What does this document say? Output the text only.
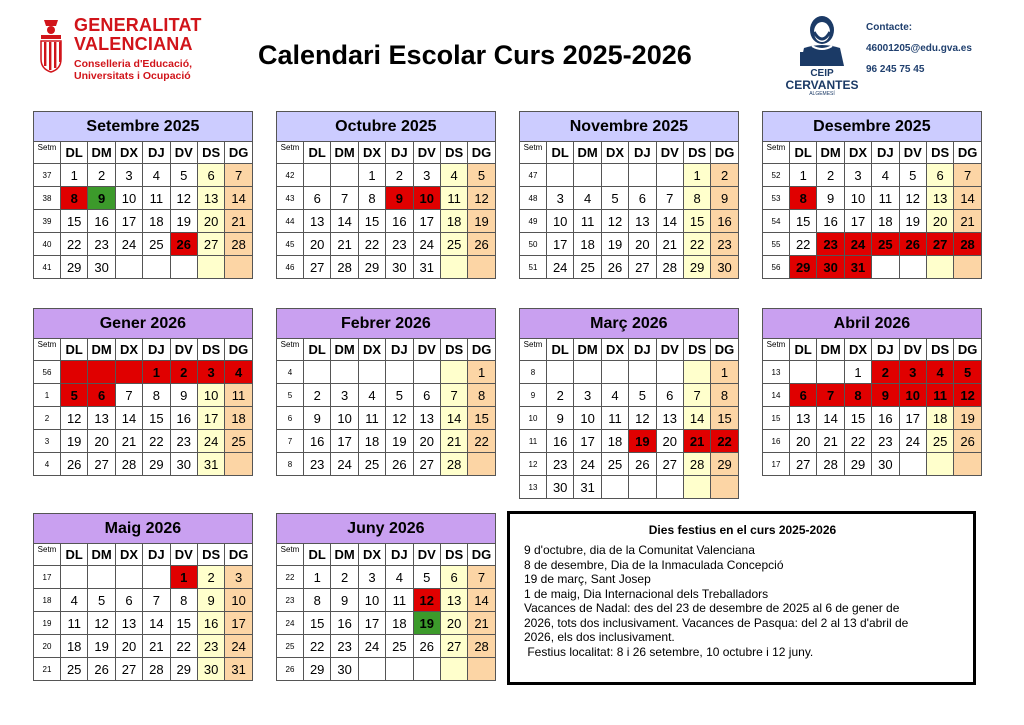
GENERALITAT
VALENCIANA
Conselleria d'Educació,
Universitats i Ocupació
Calendari Escolar Curs 2025-2026
CEIP
CERVANTES
ALGEMESÍ
Contacte:
46001205@edu.gva.es
96 245 75 45
Setembre 2025							
Setm	DL	DM	DX	DJ	DV	DS	DG
37	1	2	3	4	5	6	7
38	8	9	10	11	12	13	14
39	15	16	17	18	19	20	21
40	22	23	24	25	26	27	28
41	29	30					
Octubre 2025							
Setm	DL	DM	DX	DJ	DV	DS	DG
42			1	2	3	4	5
43	6	7	8	9	10	11	12
44	13	14	15	16	17	18	19
45	20	21	22	23	24	25	26
46	27	28	29	30	31		
Novembre 2025							
Setm	DL	DM	DX	DJ	DV	DS	DG
47						1	2
48	3	4	5	6	7	8	9
49	10	11	12	13	14	15	16
50	17	18	19	20	21	22	23
51	24	25	26	27	28	29	30
Desembre 2025							
Setm	DL	DM	DX	DJ	DV	DS	DG
52	1	2	3	4	5	6	7
53	8	9	10	11	12	13	14
54	15	16	17	18	19	20	21
55	22	23	24	25	26	27	28
56	29	30	31				
Gener 2026							
Setm	DL	DM	DX	DJ	DV	DS	DG
56				1	2	3	4
1	5	6	7	8	9	10	11
2	12	13	14	15	16	17	18
3	19	20	21	22	23	24	25
4	26	27	28	29	30	31	
Febrer 2026							
Setm	DL	DM	DX	DJ	DV	DS	DG
4							1
5	2	3	4	5	6	7	8
6	9	10	11	12	13	14	15
7	16	17	18	19	20	21	22
8	23	24	25	26	27	28	
Març 2026							
Setm	DL	DM	DX	DJ	DV	DS	DG
8							1
9	2	3	4	5	6	7	8
10	9	10	11	12	13	14	15
11	16	17	18	19	20	21	22
12	23	24	25	26	27	28	29
13	30	31					
Abril 2026							
Setm	DL	DM	DX	DJ	DV	DS	DG
13			1	2	3	4	5
14	6	7	8	9	10	11	12
15	13	14	15	16	17	18	19
16	20	21	22	23	24	25	26
17	27	28	29	30			
Maig 2026							
Setm	DL	DM	DX	DJ	DV	DS	DG
17					1	2	3
18	4	5	6	7	8	9	10
19	11	12	13	14	15	16	17
20	18	19	20	21	22	23	24
21	25	26	27	28	29	30	31
Juny 2026							
Setm	DL	DM	DX	DJ	DV	DS	DG
22	1	2	3	4	5	6	7
23	8	9	10	11	12	13	14
24	15	16	17	18	19	20	21
25	22	23	24	25	26	27	28
26	29	30					
Dies festius en el curs 2025-2026
9 d'octubre, dia de la Comunitat Valenciana
8 de desembre, Dia de la Inmaculada Concepció
19 de març, Sant Josep
1 de maig, Dia Internacional dels Treballadors
Vacances de Nadal: des del 23 de desembre de 2025 al 6 de gener de
2026, tots dos inclusivament. Vacances de Pasqua: del 2 al 13 d'abril de
2026, els dos inclusivament.
Festius localitat: 8 i 26 setembre, 10 octubre i 12 juny.
